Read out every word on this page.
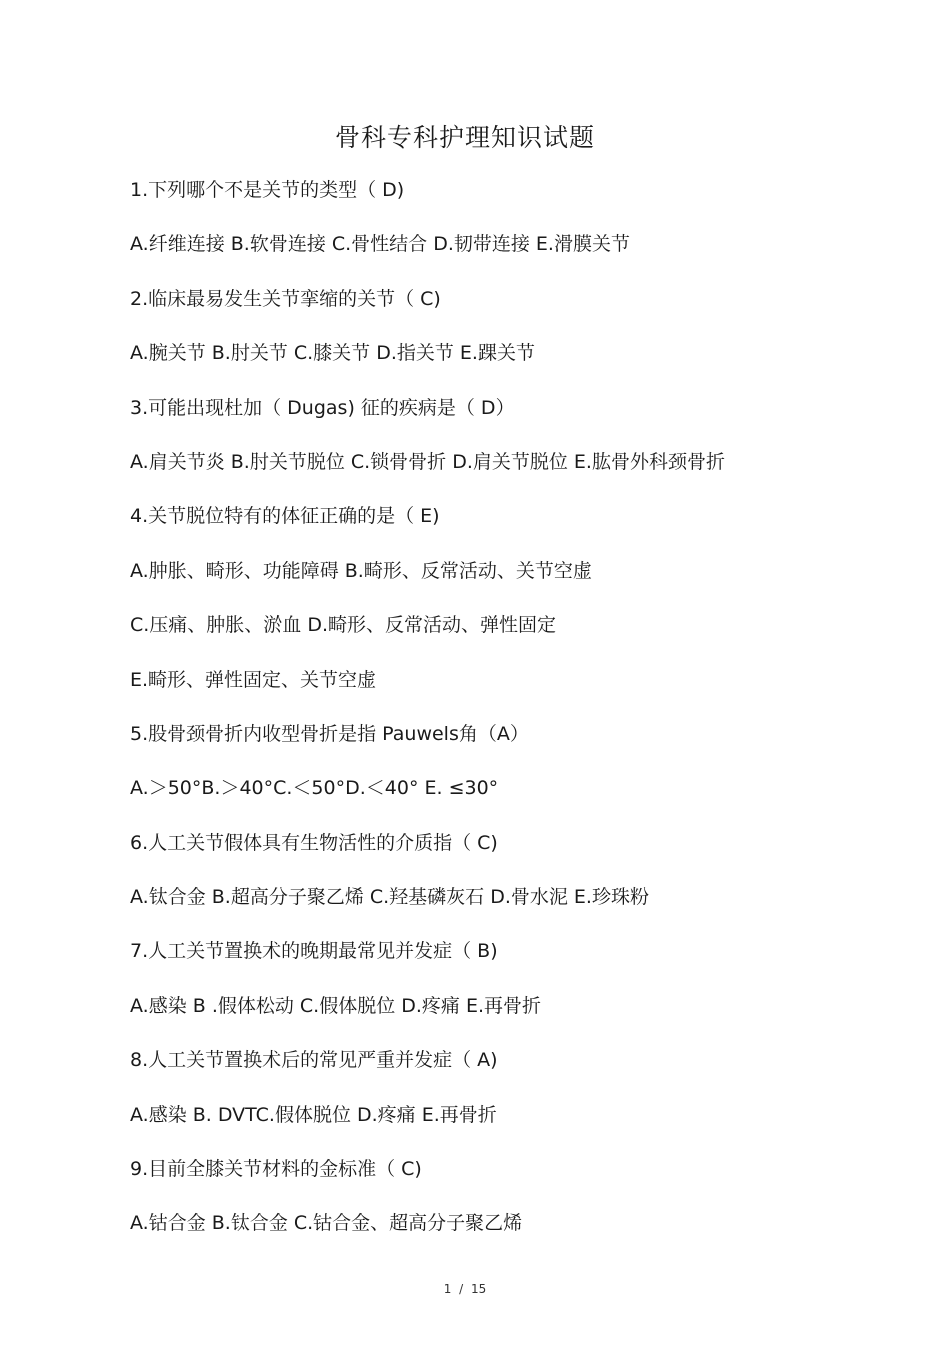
骨科专科护理知识试题
1.下列哪个不是关节的类型（ D)
A.纤维连接 B.软骨连接 C.骨性结合 D.韧带连接 E.滑膜关节
2.临床最易发生关节挛缩的关节（ C)
A.腕关节 B.肘关节 C.膝关节 D.指关节 E.踝关节
3.可能出现杜加（ Dugas) 征的疾病是（ D）
A.肩关节炎 B.肘关节脱位 C.锁骨骨折 D.肩关节脱位 E.肱骨外科颈骨折
4.关节脱位特有的体征正确的是（ E)
A.肿胀、畸形、功能障碍 B.畸形、反常活动、关节空虚
C.压痛、肿胀、淤血 D.畸形、反常活动、弹性固定
E.畸形、弹性固定、关节空虚
5.股骨颈骨折内收型骨折是指 Pauwels角（A）
A.＞50°B.＞40°C.＜50°D.＜40° E. ≤30°
6.人工关节假体具有生物活性的介质指（ C)
A.钛合金 B.超高分子聚乙烯 C.羟基磷灰石 D.骨水泥 E.珍珠粉
7.人工关节置换术的晚期最常见并发症（ B)
A.感染 B .假体松动 C.假体脱位 D.疼痛 E.再骨折
8.人工关节置换术后的常见严重并发症（ A)
A.感染 B. DVTC.假体脱位 D.疼痛 E.再骨折
9.目前全膝关节材料的金标准（ C)
A.钴合金 B.钛合金 C.钴合金、超高分子聚乙烯
1 / 15
